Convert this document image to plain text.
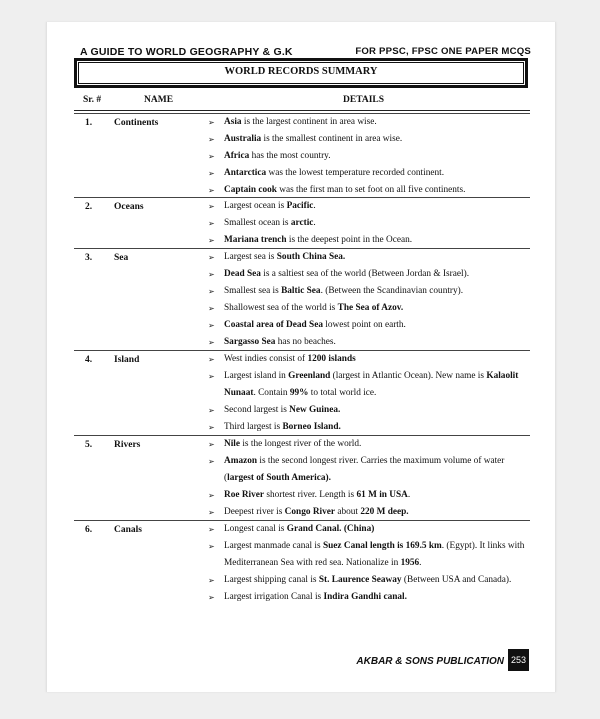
A GUIDE TO WORLD GEOGRAPHY & G.K	FOR PPSC, FPSC ONE PAPER MCQS
WORLD RECORDS SUMMARY
Sr. #	NAME	DETAILS
1. Continents	➢ Asia is the largest continent in area wise.
➢ Australia is the smallest continent in area wise.
➢ Africa has the most country.
➢ Antarctica was the lowest temperature recorded continent.
➢ Captain cook was the first man to set foot on all five continents.
2. Oceans	➢ Largest ocean is Pacific.
➢ Smallest ocean is arctic.
➢ Mariana trench is the deepest point in the Ocean.
3. Sea	➢ Largest sea is South China Sea.
➢ Dead Sea is a saltiest sea of the world (Between Jordan & Israel).
➢ Smallest sea is Baltic Sea. (Between the Scandinavian country).
➢ Shallowest sea of the world is The Sea of Azov.
➢ Coastal area of Dead Sea lowest point on earth.
➢ Sargasso Sea has no beaches.
4. Island	➢ West indies consist of 1200 islands
➢ Largest island in Greenland (largest in Atlantic Ocean). New name is Kalaolit Nunaat. Contain 99% to total world ice.
➢ Second largest is New Guinea.
➢ Third largest is Borneo Island.
5. Rivers	➢ Nile is the longest river of the world.
➢ Amazon is the second longest river. Carries the maximum volume of water (largest of South America).
➢ Roe River shortest river. Length is 61 M in USA.
➢ Deepest river is Congo River about 220 M deep.
6. Canals	➢ Longest canal is Grand Canal. (China)
➢ Largest manmade canal is Suez Canal length is 169.5 km. (Egypt). It links with Mediterranean Sea with red sea. Nationalize in 1956.
➢ Largest shipping canal is St. Laurence Seaway (Between USA and Canada).
➢ Largest irrigation Canal is Indira Gandhi canal.
AKBAR & SONS PUBLICATION 253
